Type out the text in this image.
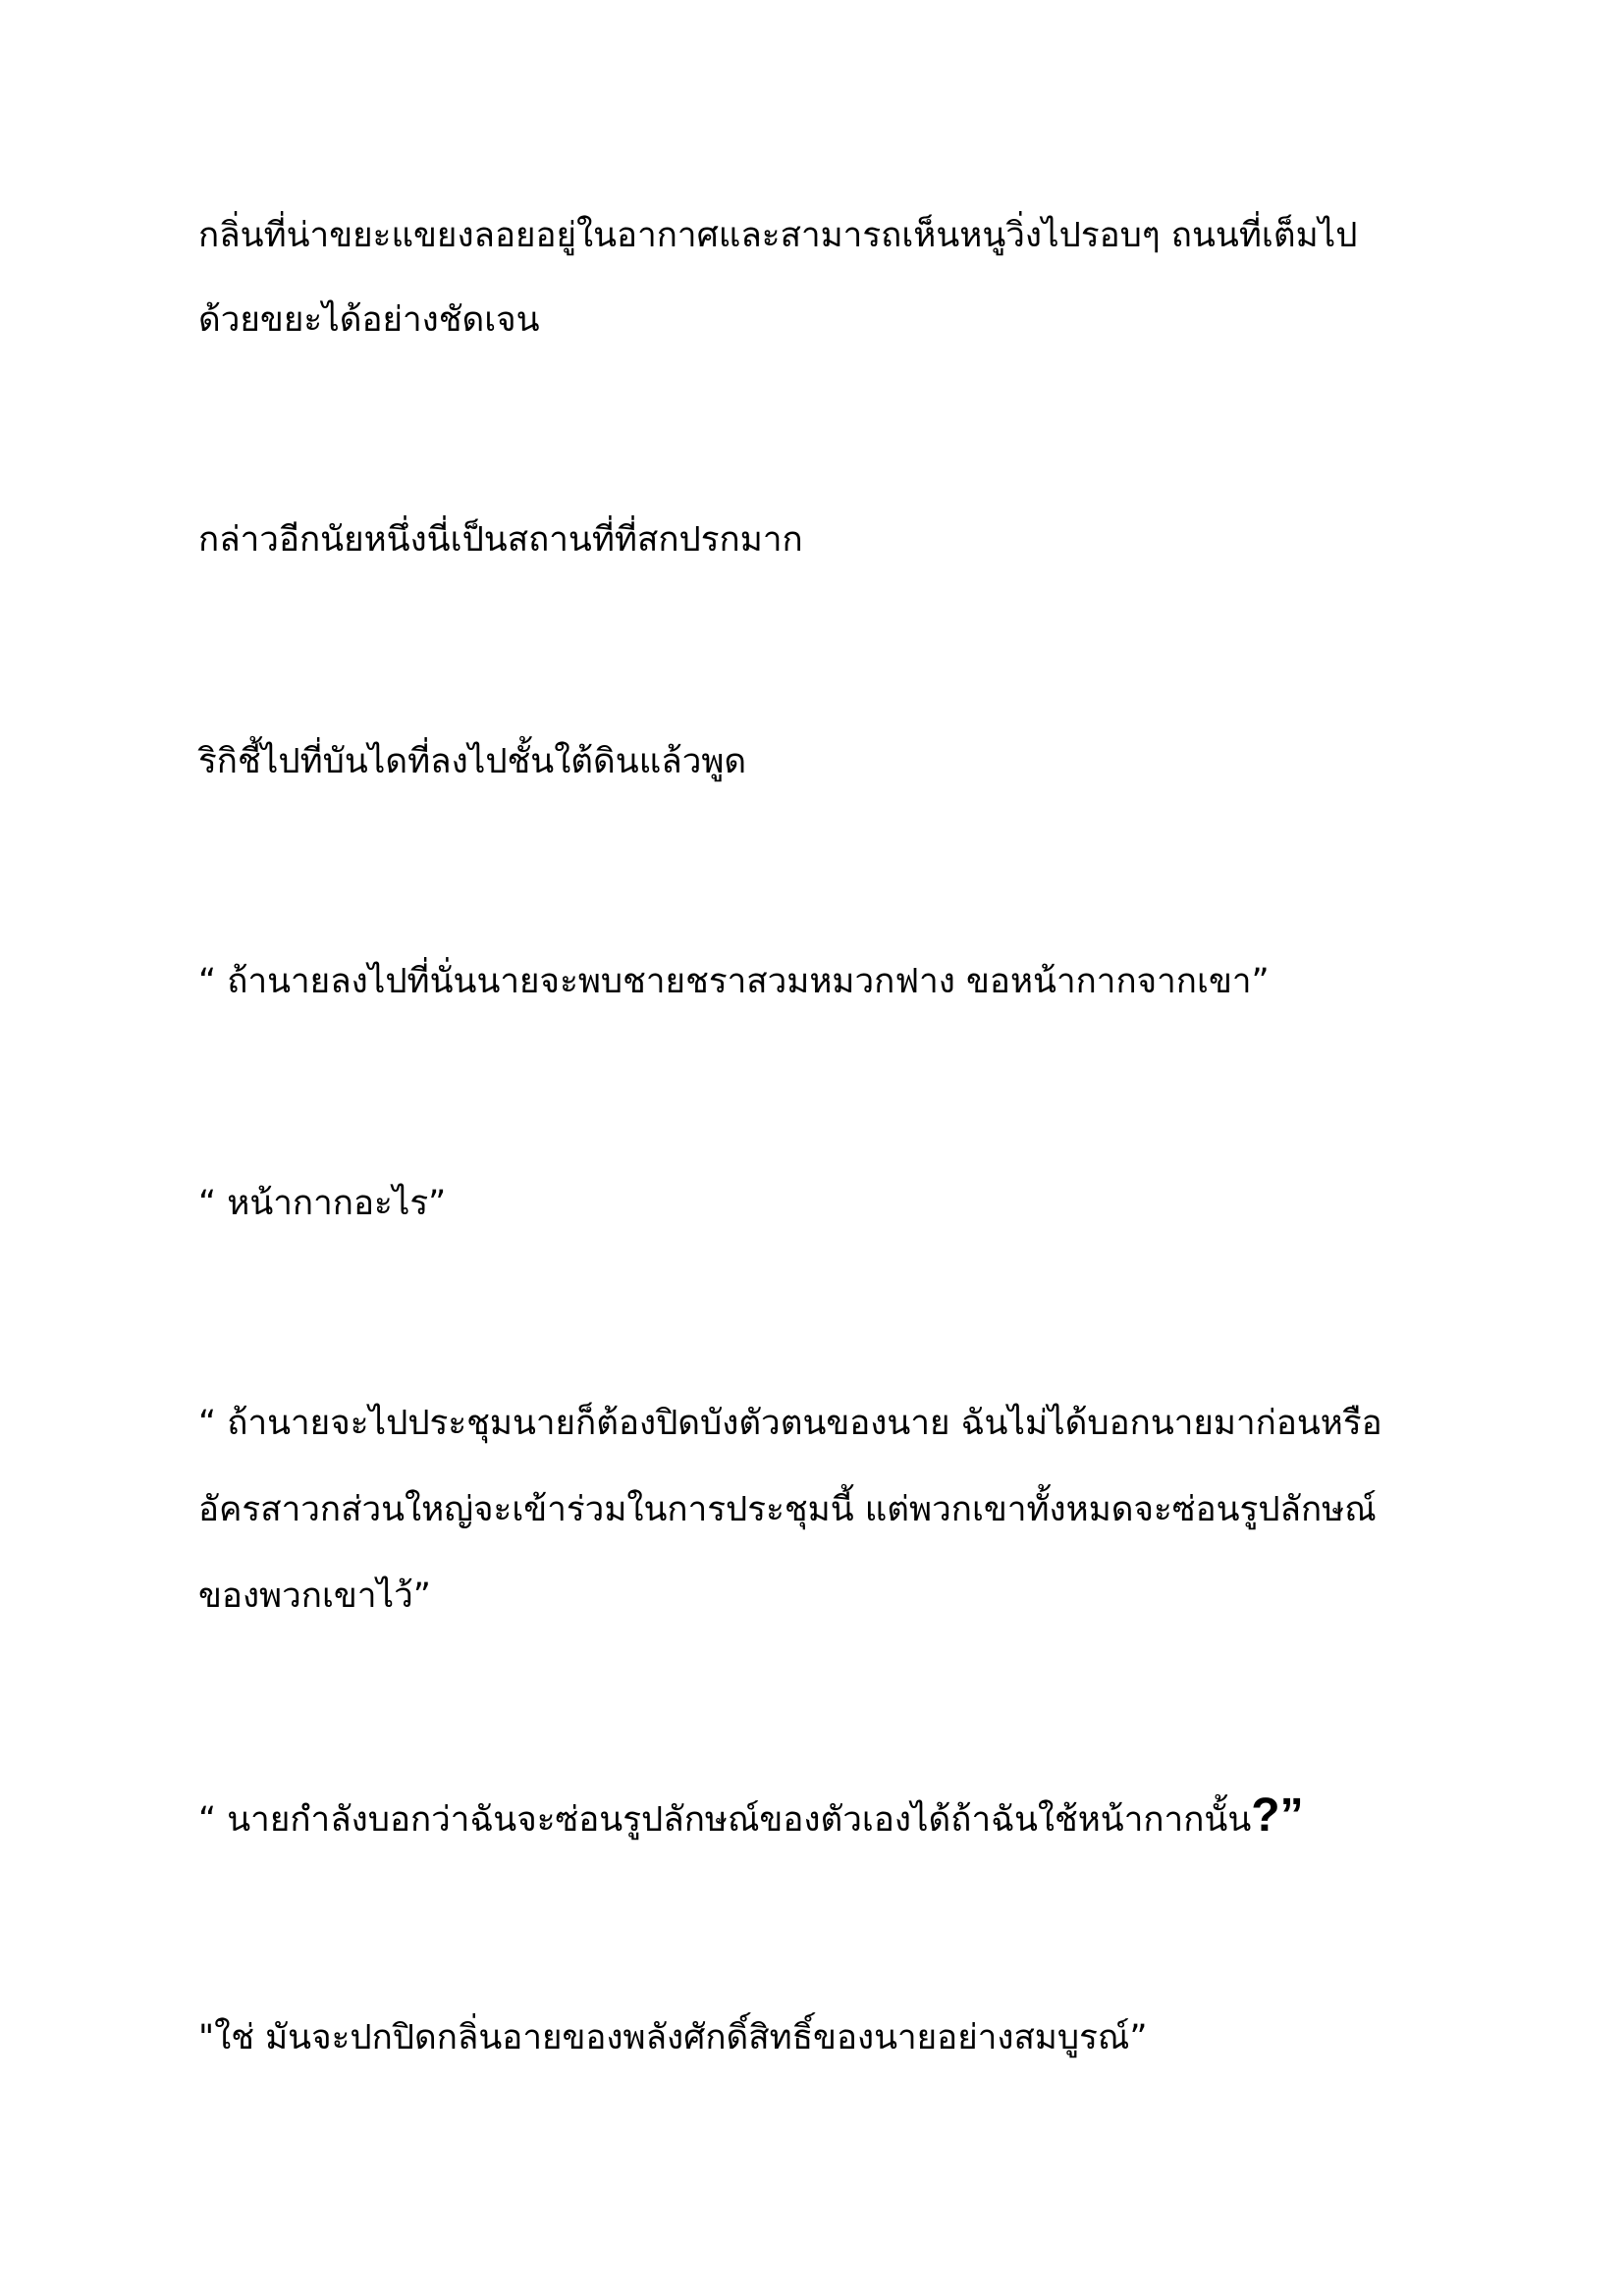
กลิ่นที่น่าขยะแขยงลอยอยู่ในอากาศและสามารถเห็นหนูวิ่งไปรอบๆ ถนนที่เต็มไป
ด้วยขยะได้อย่างชัดเจน
กล่าวอีกนัยหนึ่งนี่เป็นสถานที่ที่สกปรกมาก
ริกิชี้ไปที่บันไดที่ลงไปชั้นใต้ดินแล้วพูด
“ ถ้านายลงไปที่นั่นนายจะพบชายชราสวมหมวกฟาง ขอหน้ากากจากเขา”
“ หน้ากากอะไร”
“ ถ้านายจะไปประชุมนายก็ต้องปิดบังตัวตนของนาย ฉันไม่ได้บอกนายมาก่อนหรือ
อัครสาวกส่วนใหญ่จะเข้าร่วมในการประชุมนี้ แต่พวกเขาทั้งหมดจะซ่อนรูปลักษณ์
ของพวกเขาไว้”
“ นายกำลังบอกว่าฉันจะซ่อนรูปลักษณ์ของตัวเองได้ถ้าฉันใช้หน้ากากนั้น?”
"ใช่ มันจะปกปิดกลิ่นอายของพลังศักดิ์สิทธิ์ของนายอย่างสมบูรณ์”
